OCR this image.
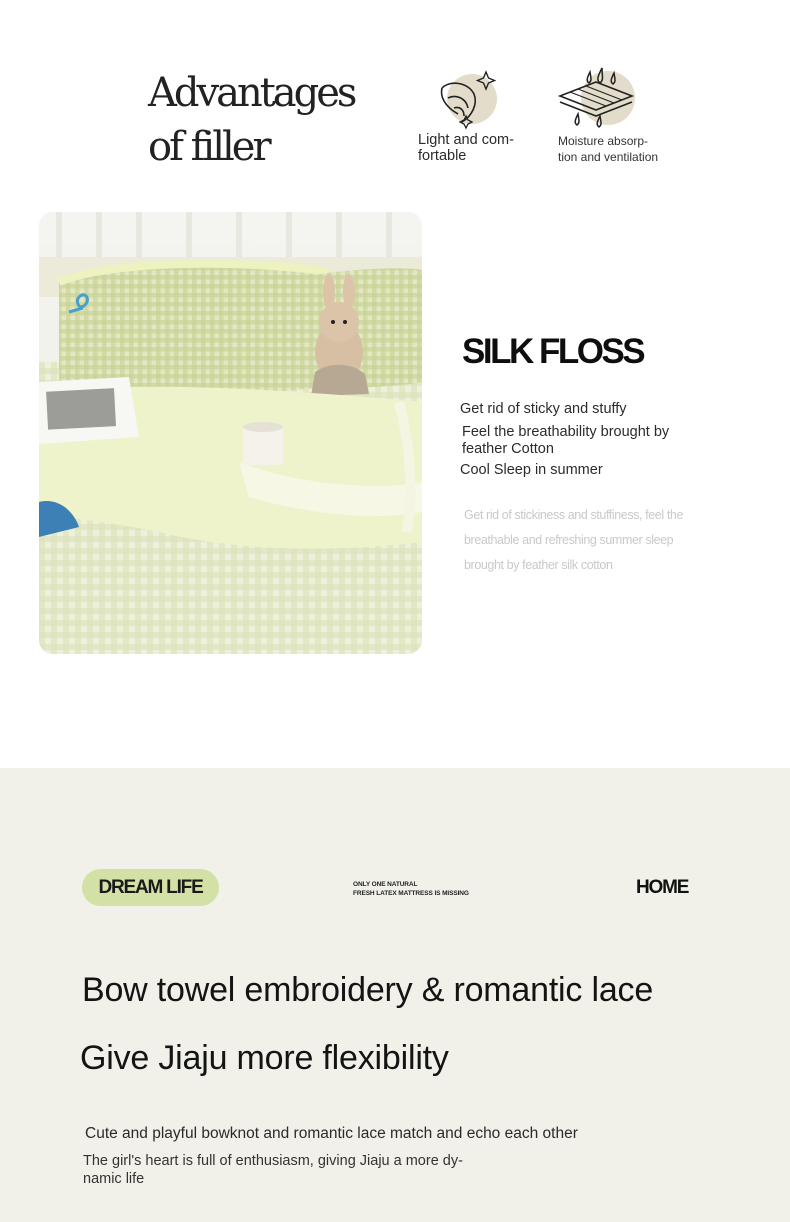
Advantages of filler	Light and com-
fortable
Moisture absorp-
tion and ventilation
SILK FLOSS
Get rid of sticky and stuffy
Feel the breathability brought by
feather Cotton
Cool Sleep in summer
Get rid of stickiness and stuffiness, feel the breathable and refreshing summer sleep brought by feather silk cotton
DREAM LIFE	ONLY ONE NATURAL
FRESH LATEX MATTRESS IS MISSING	HOME
Bow towel embroidery & romantic lace
Give Jiaju more flexibility
Cute and playful bowknot and romantic lace match and echo each other
The girl's heart is full of enthusiasm, giving Jiaju a more dy-
namic life
